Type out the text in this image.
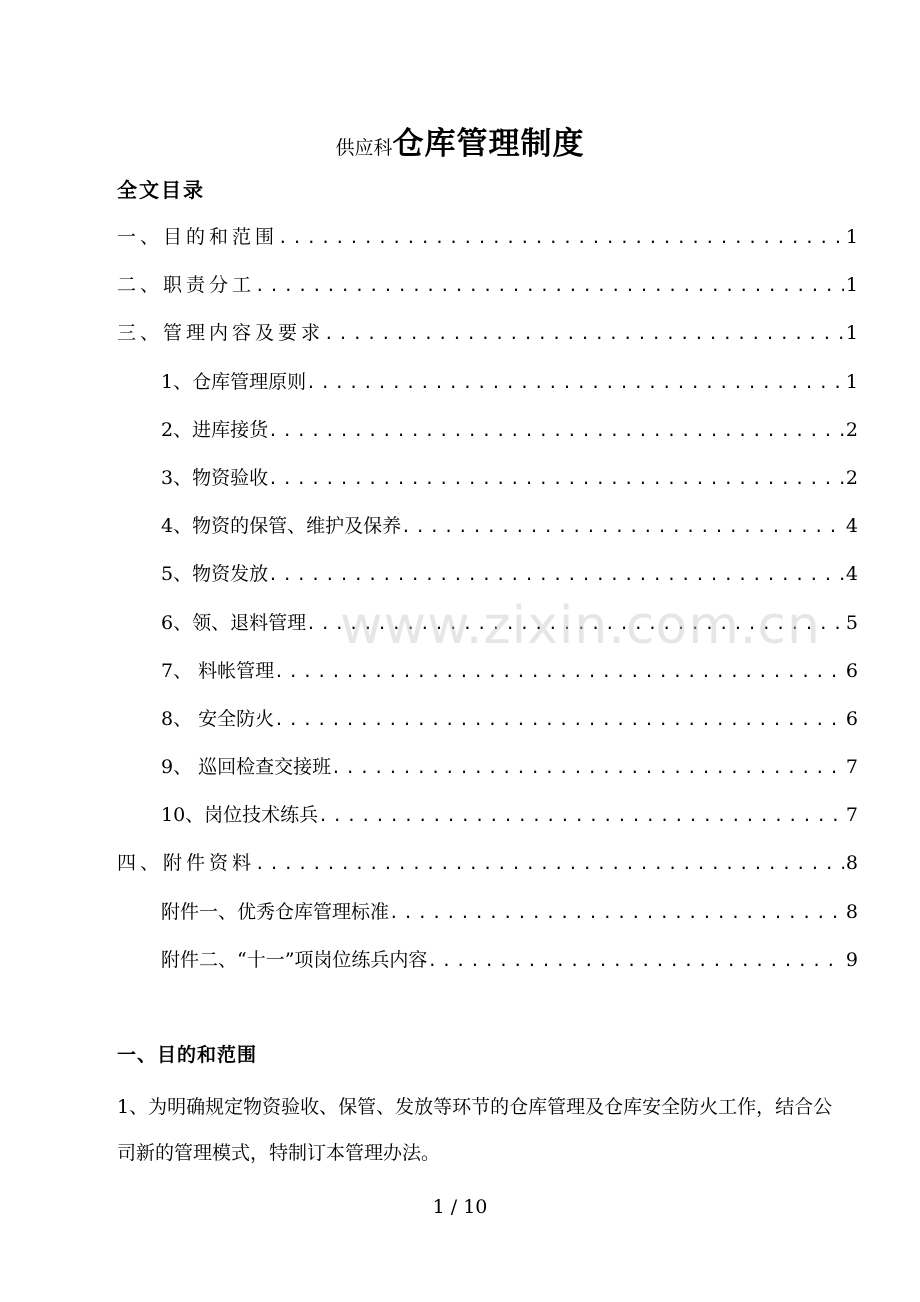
供应科仓库管理制度
全文目录
一、目的和范围 .....	1
二、职责分工 .....	1
三、管理内容及要求 .....	1
1、仓库管理原则 .....	1
2、进库接货 .....	2
3、物资验收 .....	2
4、物资的保管、维护及保养 .....	4
5、物资发放 .....	4
6、领、退料管理 .....	5
7、 料帐管理 .....	6
8、 安全防火 .....	6
9、 巡回检查交接班 .....	7
10、岗位技术练兵 .....	7
四、附件资料 .....	8
附件一、优秀仓库管理标准 .....	8
附件二、“十一”项岗位练兵内容 .....	9
www.zixin.com.cn
一、目的和范围

1、为明确规定物资验收、保管、发放等环节的仓库管理及仓库安全防火工作，结合公司新的管理模式，特制订本管理办法。

1 / 10
